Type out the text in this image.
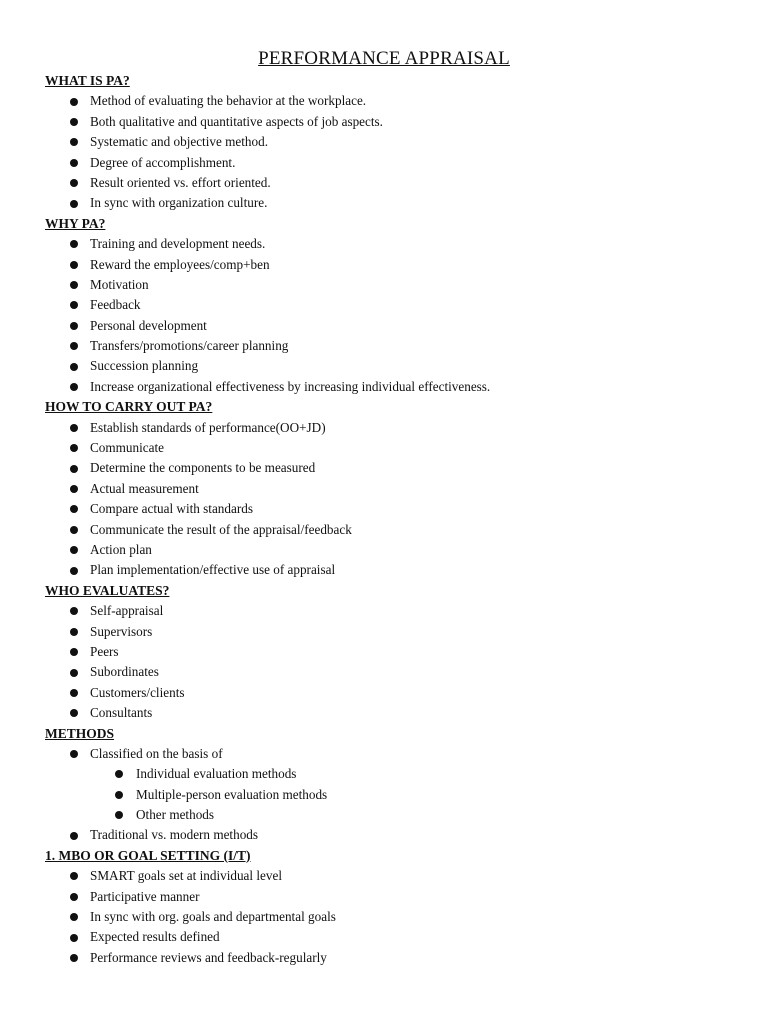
PERFORMANCE APPRAISAL
WHAT IS PA?
Method of evaluating the behavior at the workplace.
Both qualitative and quantitative aspects of job aspects.
Systematic and objective method.
Degree of accomplishment.
Result oriented vs. effort oriented.
In sync with organization culture.
WHY PA?
Training and development needs.
Reward the employees/comp+ben
Motivation
Feedback
Personal development
Transfers/promotions/career planning
Succession planning
Increase organizational effectiveness by increasing individual effectiveness.
HOW TO CARRY OUT PA?
Establish standards of performance(OO+JD)
Communicate
Determine the components to be measured
Actual measurement
Compare actual with standards
Communicate the result of the appraisal/feedback
Action plan
Plan implementation/effective use of appraisal
WHO EVALUATES?
Self-appraisal
Supervisors
Peers
Subordinates
Customers/clients
Consultants
METHODS
Classified on the basis of
Individual evaluation methods
Multiple-person evaluation methods
Other methods
Traditional vs. modern methods
1. MBO OR GOAL SETTING (I/T)
SMART goals set at individual level
Participative manner
In sync with org. goals and departmental goals
Expected results defined
Performance reviews and feedback-regularly
